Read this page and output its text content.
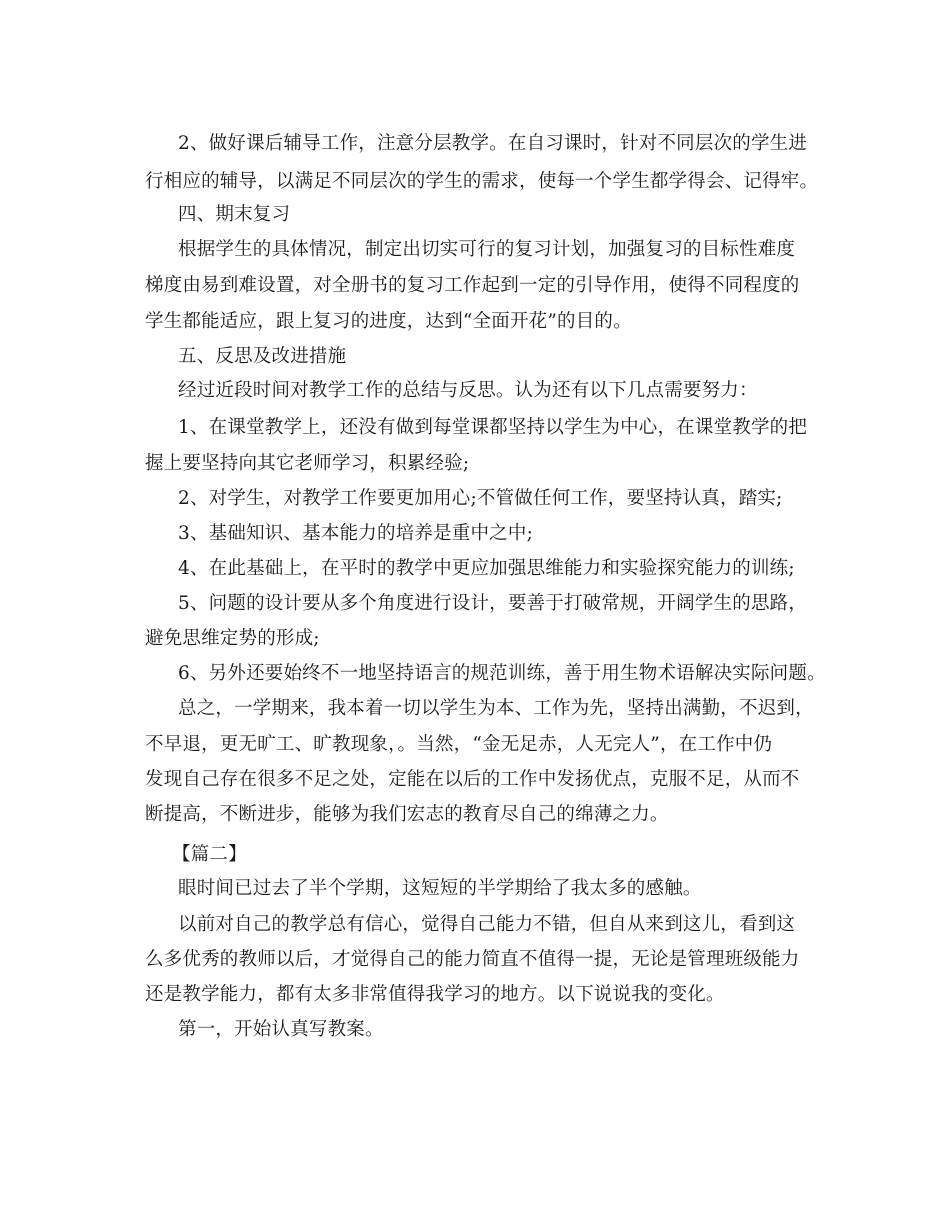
2、做好课后辅导工作，注意分层教学。在自习课时，针对不同层次的学生进
行相应的辅导，以满足不同层次的学生的需求，使每一个学生都学得会、记得牢。
四、期末复习
根据学生的具体情况，制定出切实可行的复习计划，加强复习的目标性难度
梯度由易到难设置，对全册书的复习工作起到一定的引导作用，使得不同程度的
学生都能适应，跟上复习的进度，达到“全面开花”的目的。
五、反思及改进措施
经过近段时间对教学工作的总结与反思。认为还有以下几点需要努力：
1、在课堂教学上，还没有做到每堂课都坚持以学生为中心，在课堂教学的把
握上要坚持向其它老师学习，积累经验;
2、对学生，对教学工作要更加用心;不管做任何工作，要坚持认真，踏实;
3、基础知识、基本能力的培养是重中之中;
4、在此基础上，在平时的教学中更应加强思维能力和实验探究能力的训练;
5、问题的设计要从多个角度进行设计，要善于打破常规，开阔学生的思路，
避免思维定势的形成;
6、另外还要始终不一地坚持语言的规范训练，善于用生物术语解决实际问题。
总之，一学期来，我本着一切以学生为本、工作为先，坚持出满勤，不迟到，
不早退，更无旷工、旷教现象，。当然，“金无足赤，人无完人”，在工作中仍
发现自己存在很多不足之处，定能在以后的工作中发扬优点，克服不足，从而不
断提高，不断进步，能够为我们宏志的教育尽自己的绵薄之力。
【篇二】
眼时间已过去了半个学期，这短短的半学期给了我太多的感触。
以前对自己的教学总有信心，觉得自己能力不错，但自从来到这儿，看到这
么多优秀的教师以后，才觉得自己的能力简直不值得一提，无论是管理班级能力
还是教学能力，都有太多非常值得我学习的地方。以下说说我的变化。
第一，开始认真写教案。
